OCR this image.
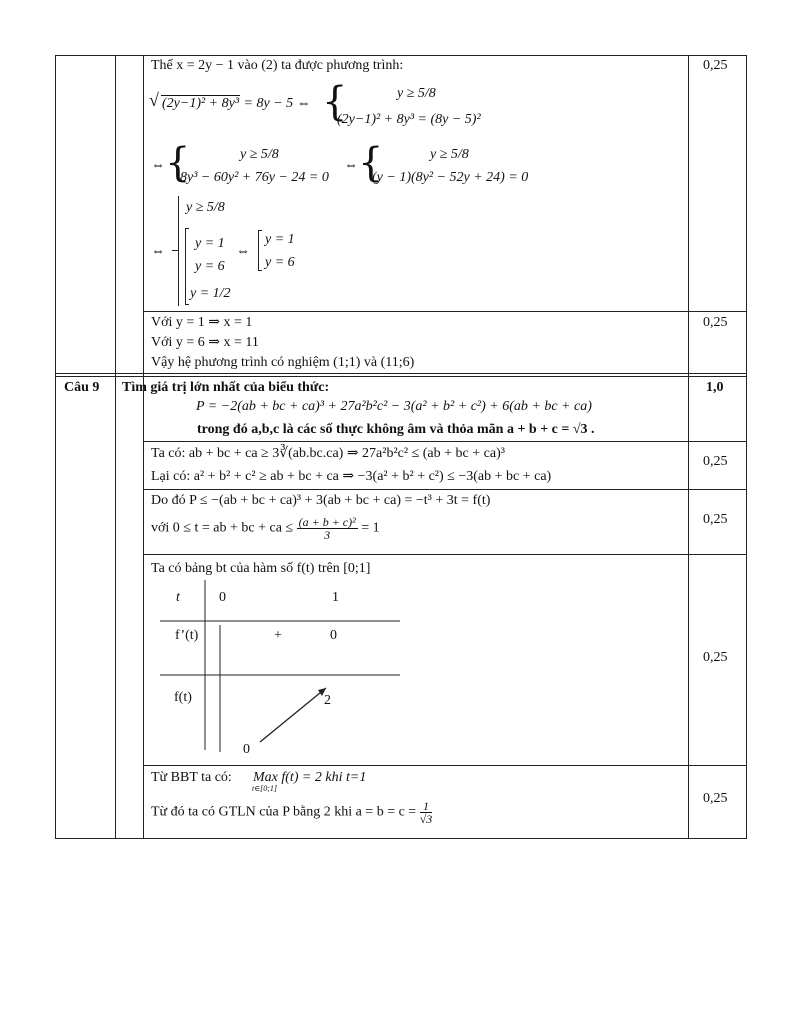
Thế x = 2y − 1 vào (2) ta được phương trình:
√ (2y−1)² + 8y³ = 8y − 5 ⇔ {	y ≥ 5/8
(2y−1)² + 8y³ = (8y − 5)²
⇔ {	y ≥ 5/8
8y³ − 60y² + 76y − 24 = 0
⇔ {	y ≥ 5/8
(y − 1)(8y² − 52y + 24) = 0
⇔
y ≥ 5/8
y = 1
y = 6
y = 1/2
⇔
y = 1
y = 6
0,25
Với y = 1 ⇒ x = 1
Với y = 6 ⇒ x = 11
Vậy hệ phương trình có nghiệm (1;1) và (11;6)
0,25
Câu 9 Tìm giá trị lớn nhất của biểu thức:
P = −2(ab + bc + ca)³ + 27a²b²c² − 3(a² + b² + c²) + 6(ab + bc + ca)
trong đó a,b,c là các số thực không âm và thỏa mãn a + b + c = √3 .
1,0
Ta có: ab + bc + ca ≥ 3∛(ab.bc.ca) ⇒ 27a²b²c² ≤ (ab + bc + ca)³
Lại có: a² + b² + c² ≥ ab + bc + ca ⇒ −3(a² + b² + c²) ≤ −3(ab + bc + ca)
0,25
Do đó P ≤ −(ab + bc + ca)³ + 3(ab + bc + ca) = −t³ + 3t = f(t)
với 0 ≤ t = ab + bc + ca ≤ $\frac{\text{(a + b + c)²}}{3} = 1$
0,25
Ta có bảng bt của hàm số f(t) trên [0;1]
t	0	1
f’(t)	+	0
f(t)	2
0
0,25
Từ BBT ta có: Max f(t) = 2 khi t=1
t∈[0;1]
Từ đó ta có GTLN của P bằng 2 khi $a = b = c = \frac{1}{√3}$
0,25
